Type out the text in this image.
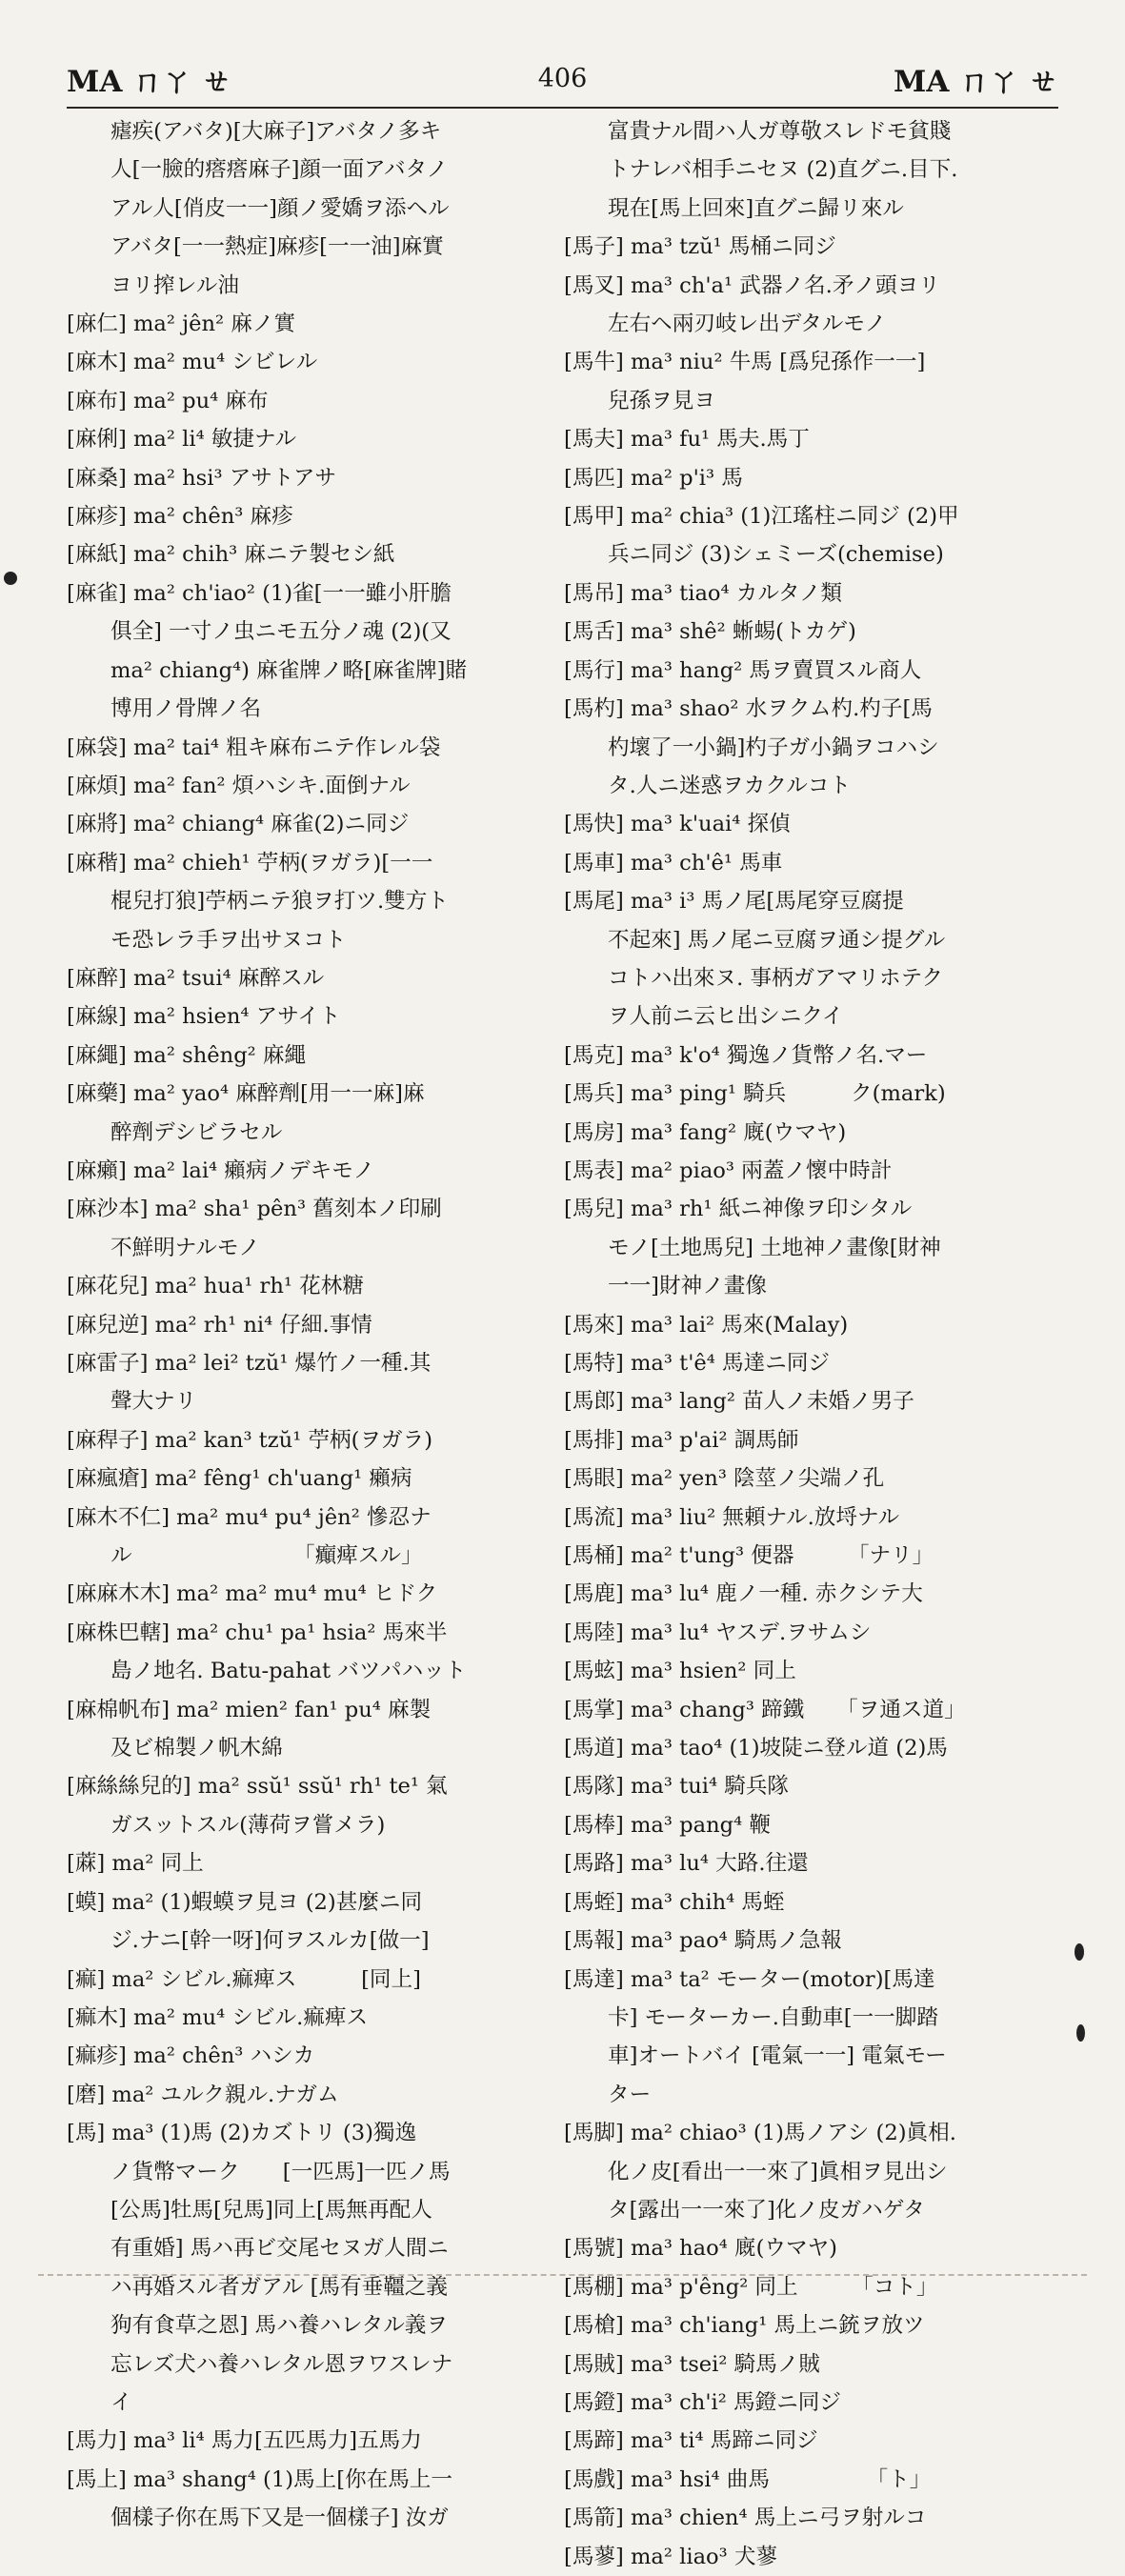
MA ㄇㄚ ㄝ	406	MA ㄇㄚ ㄝ
瘧疾(アバタ)[大麻子]アバタノ多キ
人[一臉的瘩瘩麻子]顔一面アバタノ
アル人[俏皮一一]顔ノ愛嬌ヲ添ヘル
アバタ[一一熱症]麻疹[一一油]麻實
ヨリ搾レル油
[麻仁] ma² jên² 麻ノ實
[麻木] ma² mu⁴ シビレル
[麻布] ma² pu⁴ 麻布
[麻俐] ma² li⁴ 敏捷ナル
[麻桑] ma² hsi³ アサトアサ
[麻疹] ma² chên³ 麻疹
[麻紙] ma² chih³ 麻ニテ製セシ紙
[麻雀] ma² ch'iao² (1)雀[一一雖小肝膽
俱全] 一寸ノ虫ニモ五分ノ魂 (2)(又
ma² chiang⁴) 麻雀牌ノ略[麻雀牌]賭
博用ノ骨牌ノ名
[麻袋] ma² tai⁴ 粗キ麻布ニテ作レル袋
[麻煩] ma² fan² 煩ハシキ.面倒ナル
[麻將] ma² chiang⁴ 麻雀(2)ニ同ジ
[麻稭] ma² chieh¹ 苧柄(ヲガラ)[一一
棍兒打狼]苧柄ニテ狼ヲ打ツ.雙方ト
モ恐レラ手ヲ出サヌコト
[麻醉] ma² tsui⁴ 麻醉スル
[麻線] ma² hsien⁴ アサイト
[麻繩] ma² shêng² 麻繩
[麻藥] ma² yao⁴ 麻醉劑[用一一麻]麻
醉劑デシビラセル
[麻癩] ma² lai⁴ 癩病ノデキモノ
[麻沙本] ma² sha¹ pên³ 舊刻本ノ印刷
不鮮明ナルモノ
[麻花兒] ma² hua¹ rh¹ 花林糖
[麻兒逆] ma² rh¹ ni⁴ 仔細.事情
[麻雷子] ma² lei² tzŭ¹ 爆竹ノ一種.其
聲大ナリ
[麻稈子] ma² kan³ tzŭ¹ 苧柄(ヲガラ)
[麻瘋瘡] ma² fêng¹ ch'uang¹ 癩病
[麻木不仁] ma² mu⁴ pu⁴ jên² 慘忍ナ
ル　　　　　　　　「癲痺スル」
[麻麻木木] ma² ma² mu⁴ mu⁴ ヒドク
[麻株巴轄] ma² chu¹ pa¹ hsia² 馬來半
島ノ地名. Batu-pahat バツパハット
[麻棉帆布] ma² mien² fan¹ pu⁴ 麻製
及ビ棉製ノ帆木綿
[麻絲絲兒的] ma² ssŭ¹ ssŭ¹ rh¹ te¹ 氣
ガスットスル(薄荷ヲ嘗メラ)
[蔴] ma² 同上
[蟆] ma² (1)蝦蟆ヲ見ヨ (2)甚麼ニ同
ジ.ナニ[幹一呀]何ヲスルカ[做一]
[痲] ma² シビル.痲痺ス　　　[同上]
[痲木] ma² mu⁴ シビル.痲痺ス
[痲疹] ma² chên³ ハシカ
[磨] ma² ユルク親ル.ナガム
[馬] ma³ (1)馬 (2)カズトリ (3)獨逸
ノ貨幣マーク　　[一匹馬]一匹ノ馬
[公馬]牡馬[兒馬]同上[馬無再配人
有重婚] 馬ハ再ビ交尾セヌガ人間ニ
ハ再婚スル者ガアル [馬有垂韁之義
狗有食草之恩] 馬ハ養ハレタル義ヲ
忘レズ犬ハ養ハレタル恩ヲワスレナ
イ
[馬力] ma³ li⁴ 馬力[五匹馬力]五馬力
[馬上] ma³ shang⁴ (1)馬上[你在馬上一
個樣子你在馬下又是一個樣子] 汝ガ
富貴ナル間ハ人ガ尊敬スレドモ貧賤
トナレバ相手ニセヌ (2)直グニ.目下.
現在[馬上回來]直グニ歸リ來ル
[馬子] ma³ tzŭ¹ 馬桶ニ同ジ
[馬叉] ma³ ch'a¹ 武器ノ名.矛ノ頭ヨリ
左右ヘ兩刃岐レ出デタルモノ
[馬牛] ma³ niu² 牛馬 [爲兒孫作一一]
兒孫ヲ見ヨ
[馬夫] ma³ fu¹ 馬夫.馬丁
[馬匹] ma² p'i³ 馬
[馬甲] ma² chia³ (1)江瑤柱ニ同ジ (2)甲
兵ニ同ジ (3)シェミーズ(chemise)
[馬吊] ma³ tiao⁴ カルタノ類
[馬舌] ma³ shê² 蜥蜴(トカゲ)
[馬行] ma³ hang² 馬ヲ賣買スル商人
[馬杓] ma³ shao² 水ヲクム杓.杓子[馬
杓壞了一小鍋]杓子ガ小鍋ヲコハシ
タ.人ニ迷惑ヲカクルコト
[馬快] ma³ k'uai⁴ 探偵
[馬車] ma³ ch'ê¹ 馬車
[馬尾] ma³ i³ 馬ノ尾[馬尾穿豆腐提
不起來] 馬ノ尾ニ豆腐ヲ通シ提グル
コトハ出來ヌ. 事柄ガアマリホテク
ヲ人前ニ云ヒ出シニクイ
[馬克] ma³ k'o⁴ 獨逸ノ貨幣ノ名.マー
[馬兵] ma³ ping¹ 騎兵　　　ク(mark)
[馬房] ma³ fang² 廐(ウマヤ)
[馬表] ma² piao³ 兩蓋ノ懷中時計
[馬兒] ma³ rh¹ 紙ニ神像ヲ印シタル
モノ[土地馬兒] 土地神ノ畫像[財神
一一]財神ノ畫像
[馬來] ma³ lai² 馬來(Malay)
[馬特] ma³ t'ê⁴ 馬達ニ同ジ
[馬郎] ma³ lang² 苗人ノ未婚ノ男子
[馬排] ma³ p'ai² 調馬師
[馬眼] ma² yen³ 陰莖ノ尖端ノ孔
[馬流] ma³ liu² 無頼ナル.放埒ナル
[馬桶] ma² t'ung³ 便器　　　「ナリ」
[馬鹿] ma³ lu⁴ 鹿ノ一種. 赤クシテ大
[馬陸] ma³ lu⁴ ヤスデ.ヲサムシ
[馬蚿] ma³ hsien² 同上
[馬掌] ma³ chang³ 蹄鐵　　「ヲ通ス道」
[馬道] ma³ tao⁴ (1)坡陡ニ登ル道 (2)馬
[馬隊] ma³ tui⁴ 騎兵隊
[馬棒] ma³ pang⁴ 鞭
[馬路] ma³ lu⁴ 大路.往還
[馬蛭] ma³ chih⁴ 馬蛭
[馬報] ma³ pao⁴ 騎馬ノ急報
[馬達] ma³ ta² モーター(motor)[馬達
卡] モーターカー.自動車[一一脚踏
車]オートバイ [電氣一一] 電氣モー
ター
[馬脚] ma² chiao³ (1)馬ノアシ (2)眞相.
化ノ皮[看出一一來了]眞相ヲ見出シ
タ[露出一一來了]化ノ皮ガハゲタ
[馬號] ma³ hao⁴ 廐(ウマヤ)
[馬棚] ma³ p'êng² 同上　　　「コト」
[馬槍] ma³ ch'iang¹ 馬上ニ銃ヲ放ツ
[馬賊] ma³ tsei² 騎馬ノ賊
[馬鐙] ma³ ch'i² 馬鐙ニ同ジ
[馬蹄] ma³ ti⁴ 馬蹄ニ同ジ
[馬戲] ma³ hsi⁴ 曲馬　　　　　「ト」
[馬箭] ma³ chien⁴ 馬上ニ弓ヲ射ルコ
[馬蓼] ma² liao³ 犬蓼
